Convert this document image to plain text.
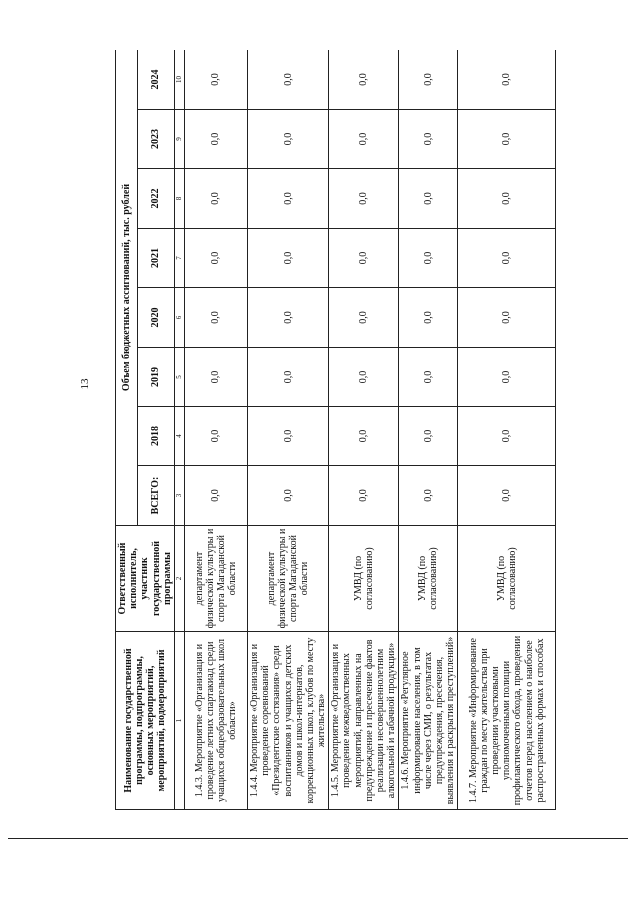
13
Наименование государственной программы, подпрограммы, основных мероприятий, мероприятий, подмероприятий	Ответственный исполнитель, участник государственной программы	Объем бюджетных ассигнований, тыс. рублей							
		ВСЕГО:	2018	2019	2020	2021	2022	2023	2024
1	2	3	4	5	6	7	8	9	10
1.4.3. Мероприятие «Организация и проведение летних спартакиад среди учащихся общеобразовательных школ области»	департамент физической культуры и спорта Магаданской области	0,0	0,0	0,0	0,0	0,0	0,0	0,0	0,0
1.4.4. Мероприятие «Организация и проведение соревнований «Президентские состязания» среди воспитанников и учащихся детских домов и школ-интернатов, коррекционных школ, клубов по месту жительства»	департамент физической культуры и спорта Магаданской области	0,0	0,0	0,0	0,0	0,0	0,0	0,0	0,0
1.4.5. Мероприятие «Организация и проведение межведомственных мероприятий, направленных на предупреждение и пресечение фактов реализации несовершеннолетним алкогольной и табачной продукции»	УМВД (по согласованию)	0,0	0,0	0,0	0,0	0,0	0,0	0,0	0,0
1.4.6. Мероприятие «Регулярное информирование населения, в том числе через СМИ, о результатах предупреждения, пресечения, выявления и раскрытия преступлений»	УМВД (по согласованию)	0,0	0,0	0,0	0,0	0,0	0,0	0,0	0,0
1.4.7. Мероприятие «Информирование граждан по месту жительства при проведении участковыми уполномоченными полиции профилактического обхода, проведении отчетов перед населением о наиболее распространенных формах и способах	УМВД (по согласованию)	0,0	0,0	0,0	0,0	0,0	0,0	0,0	0,0
